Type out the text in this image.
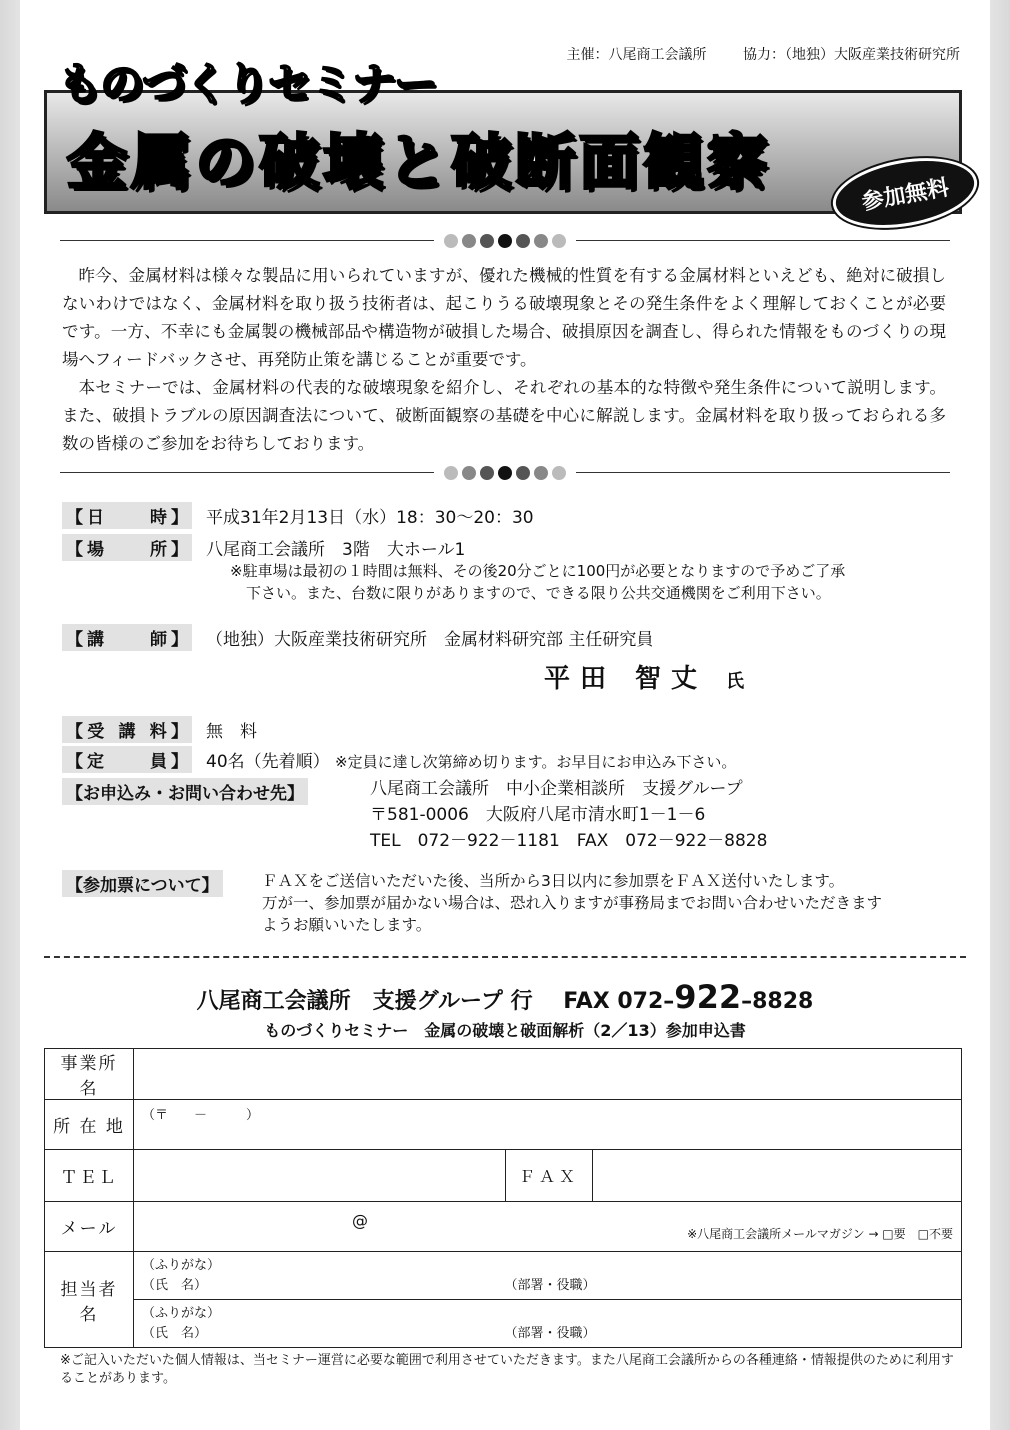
主催：八尾商工会議所	協力：（地独）大阪産業技術研究所
金属の破壊と破断面観察
ものづくりセミナー
参加無料

昨今、金属材料は様々な製品に用いられていますが、優れた機械的性質を有する金属材料といえども、絶対に破損しないわけではなく、金属材料を取り扱う技術者は、起こりうる破壊現象とその発生条件をよく理解しておくことが必要です。一方、不幸にも金属製の機械部品や構造物が破損した場合、破損原因を調査し、得られた情報をものづくりの現場へフィードバックさせ、再発防止策を講じることが重要です。

本セミナーでは、金属材料の代表的な破壊現象を紹介し、それぞれの基本的な特徴や発生条件について説明します。また、破損トラブルの原因調査法について、破断面観察の基礎を中心に解説します。金属材料を取り扱っておられる多数の皆様のご参加をお待ちしております。

【日　　時】 平成31年2月13日（水）18：30〜20：30
【場　　所】 八尾商工会議所　3階　大ホール1
※駐車場は最初の１時間は無料、その後20分ごとに100円が必要となりますので予めご了承
下さい。また、台数に限りがありますので、できる限り公共交通機関をご利用下さい。
【講　　師】 （地独）大阪産業技術研究所　金属材料研究部 主任研究員
平田 智丈 氏
【受 講 料】 無　料
【定　　員】 40名（先着順） ※定員に達し次第締め切ります。お早目にお申込み下さい。
【お申込み・お問い合わせ先】	八尾商工会議所　中小企業相談所　支援グループ
〒581-0006　大阪府八尾市清水町1－1－6
TEL　072－922－1181　FAX　072－922－8828
【参加票について】	ＦＡＸをご送信いただいた後、当所から3日以内に参加票をＦＡＸ送付いたします。
万が一、参加票が届かない場合は、恐れ入りますが事務局までお問い合わせいただきます
ようお願いいたします。
八尾商工会議所　支援グループ 行 FAX 072–922–8828
ものづくりセミナー　金属の破壊と破面解析（2／13）参加申込書
事業所名			
所 在 地	（〒　　－　　　）		
ＴＥＬ		ＦＡＸ	
メール	@
※八尾商工会議所メールマガジン → □要　□不要		

担当者名	（ふりがな）
（氏　名） （部署・役職）		

	（ふりがな）
（氏　名） （部署・役職）		
※ご記入いただいた個人情報は、当セミナー運営に必要な範囲で利用させていただきます。また八尾商工会議所からの各種連絡・情報提供のために利用することがあります。
